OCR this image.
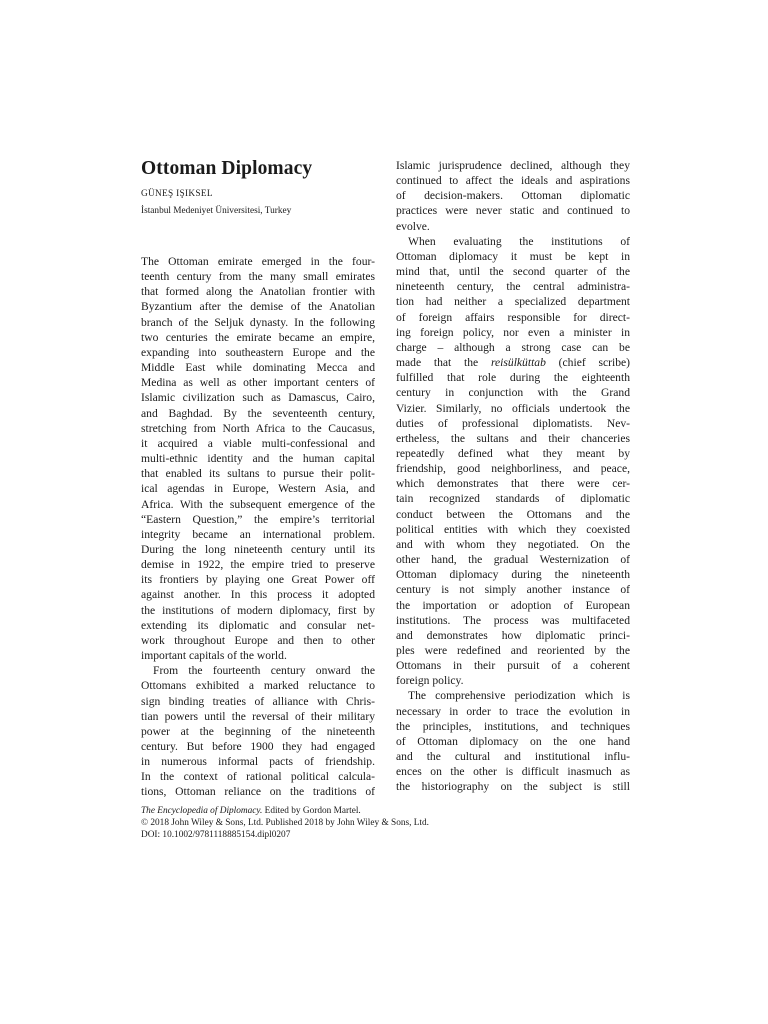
Ottoman Diplomacy
GÜNEŞ IŞIKSEL
İstanbul Medeniyet Üniversitesi, Turkey

The Ottoman emirate emerged in the four-
teenth century from the many small emirates
that formed along the Anatolian frontier with
Byzantium after the demise of the Anatolian
branch of the Seljuk dynasty. In the following
two centuries the emirate became an empire,
expanding into southeastern Europe and the
Middle East while dominating Mecca and
Medina as well as other important centers of
Islamic civilization such as Damascus, Cairo,
and Baghdad. By the seventeenth century,
stretching from North Africa to the Caucasus,
it acquired a viable multi-confessional and
multi-ethnic identity and the human capital
that enabled its sultans to pursue their polit-
ical agendas in Europe, Western Asia, and
Africa. With the subsequent emergence of the
“Eastern Question,” the empire’s territorial
integrity became an international problem.
During the long nineteenth century until its
demise in 1922, the empire tried to preserve
its frontiers by playing one Great Power off
against another. In this process it adopted
the institutions of modern diplomacy, first by
extending its diplomatic and consular net-
work throughout Europe and then to other
important capitals of the world.

From the fourteenth century onward the
Ottomans exhibited a marked reluctance to
sign binding treaties of alliance with Chris-
tian powers until the reversal of their military
power at the beginning of the nineteenth
century. But before 1900 they had engaged
in numerous informal pacts of friendship.
In the context of rational political calcula-
tions, Ottoman reliance on the traditions of

Islamic jurisprudence declined, although they
continued to affect the ideals and aspirations
of decision-makers. Ottoman diplomatic
practices were never static and continued to
evolve.

When evaluating the institutions of
Ottoman diplomacy it must be kept in
mind that, until the second quarter of the
nineteenth century, the central administra-
tion had neither a specialized department
of foreign affairs responsible for direct-
ing foreign policy, nor even a minister in
charge – although a strong case can be
made that the reisülküttab (chief scribe)
fulfilled that role during the eighteenth
century in conjunction with the Grand
Vizier. Similarly, no officials undertook the
duties of professional diplomatists. Nev-
ertheless, the sultans and their chanceries
repeatedly defined what they meant by
friendship, good neighborliness, and peace,
which demonstrates that there were cer-
tain recognized standards of diplomatic
conduct between the Ottomans and the
political entities with which they coexisted
and with whom they negotiated. On the
other hand, the gradual Westernization of
Ottoman diplomacy during the nineteenth
century is not simply another instance of
the importation or adoption of European
institutions. The process was multifaceted
and demonstrates how diplomatic princi-
ples were redefined and reoriented by the
Ottomans in their pursuit of a coherent
foreign policy.

The comprehensive periodization which is
necessary in order to trace the evolution in
the principles, institutions, and techniques
of Ottoman diplomacy on the one hand
and the cultural and institutional influ-
ences on the other is difficult inasmuch as
the historiography on the subject is still

The Encyclopedia of Diplomacy. Edited by Gordon Martel.
© 2018 John Wiley & Sons, Ltd. Published 2018 by John Wiley & Sons, Ltd.
DOI: 10.1002/9781118885154.dipl0207
